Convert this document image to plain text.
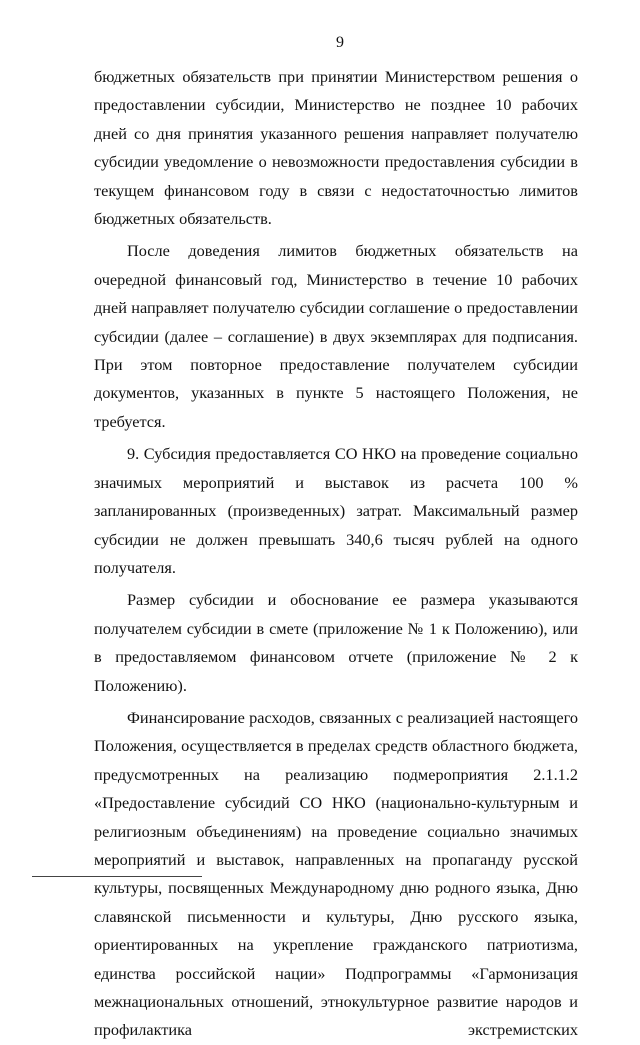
9

бюджетных обязательств при принятии Министерством решения о предоставлении субсидии, Министерство не позднее 10 рабочих дней со дня принятия указанного решения направляет получателю субсидии уведомление о невозможности предоставления субсидии в текущем финансовом году в связи с недостаточностью лимитов бюджетных обязательств.

После доведения лимитов бюджетных обязательств на очередной финансовый год, Министерство в течение 10 рабочих дней направляет получателю субсидии соглашение о предоставлении субсидии (далее – соглашение) в двух экземплярах для подписания. При этом повторное предоставление получателем субсидии документов, указанных в пункте 5 настоящего Положения, не требуется.

9. Субсидия предоставляется СО НКО на проведение социально значимых мероприятий и выставок из расчета 100 % запланированных (произведенных) затрат. Максимальный размер субсидии не должен превышать 340,6 тысяч рублей на одного получателя.

Размер субсидии и обоснование ее размера указываются получателем субсидии в смете (приложение № 1 к Положению), или в предоставляемом финансовом отчете (приложение № 2 к Положению).

Финансирование расходов, связанных с реализацией настоящего Положения, осуществляется в пределах средств областного бюджета, предусмотренных на реализацию подмероприятия 2.1.1.2 «Предоставление субсидий СО НКО (национально-культурным и религиозным объединениям) на проведение социально значимых мероприятий и выставок, направленных на пропаганду русской культуры, посвященных Международному дню родного языка, Дню славянской письменности и культуры, Дню русского языка, ориентированных на укрепление гражданского патриотизма, единства российской нации» Подпрограммы «Гармонизация межнациональных отношений, этнокультурное развитие народов и профилактика экстремистских
